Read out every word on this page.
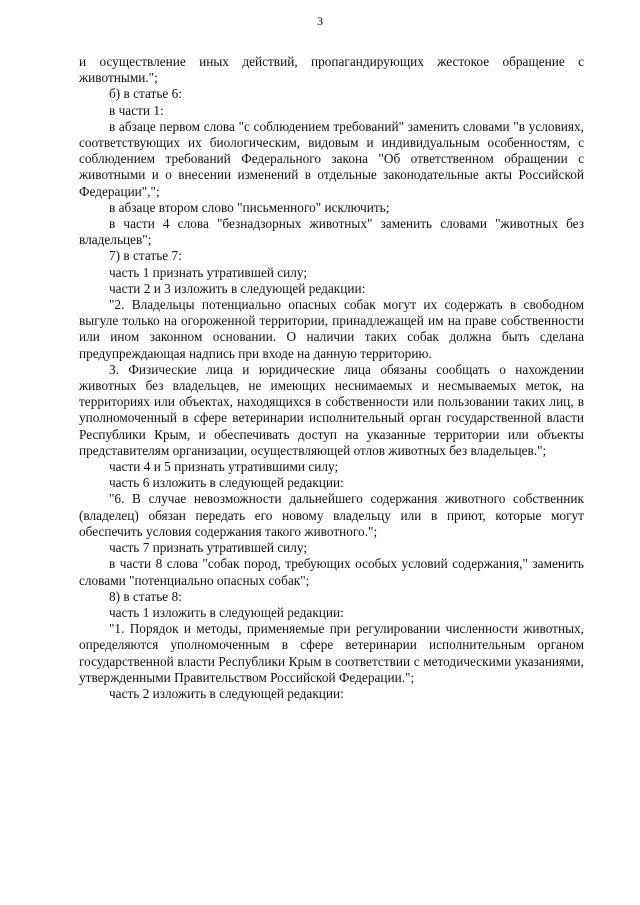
3

и осуществление иных действий, пропагандирующих жестокое обращение с животными.";

б) в статье 6:

в части 1:

в абзаце первом слова "с соблюдением требований" заменить словами "в условиях, соответствующих их биологическим, видовым и индивидуальным особенностям, с соблюдением требований Федерального закона "Об ответственном обращении с животными и о внесении изменений в отдельные законодательные акты Российской Федерации",";

в абзаце втором слово "письменного" исключить;

в части 4 слова "безнадзорных животных" заменить словами "животных без владельцев";

7) в статье 7:

часть 1 признать утратившей силу;

части 2 и 3 изложить в следующей редакции:

"2. Владельцы потенциально опасных собак могут их содержать в свободном выгуле только на огороженной территории, принадлежащей им на праве собственности или ином законном основании. О наличии таких собак должна быть сделана предупреждающая надпись при входе на данную территорию.

3. Физические лица и юридические лица обязаны сообщать о нахождении животных без владельцев, не имеющих неснимаемых и несмываемых меток, на территориях или объектах, находящихся в собственности или пользовании таких лиц, в уполномоченный в сфере ветеринарии исполнительный орган государственной власти Республики Крым, и обеспечивать доступ на указанные территории или объекты представителям организации, осуществляющей отлов животных без владельцев.";

части 4 и 5 признать утратившими силу;

часть 6 изложить в следующей редакции:

"6. В случае невозможности дальнейшего содержания животного собственник (владелец) обязан передать его новому владельцу или в приют, которые могут обеспечить условия содержания такого животного.";

часть 7 признать утратившей силу;

в части 8 слова "собак пород, требующих особых условий содержания," заменить словами "потенциально опасных собак";

8) в статье 8:

часть 1 изложить в следующей редакции:

"1. Порядок и методы, применяемые при регулировании численности животных, определяются уполномоченным в сфере ветеринарии исполнительным органом государственной власти Республики Крым в соответствии с методическими указаниями, утвержденными Правительством Российской Федерации.";

часть 2 изложить в следующей редакции:
